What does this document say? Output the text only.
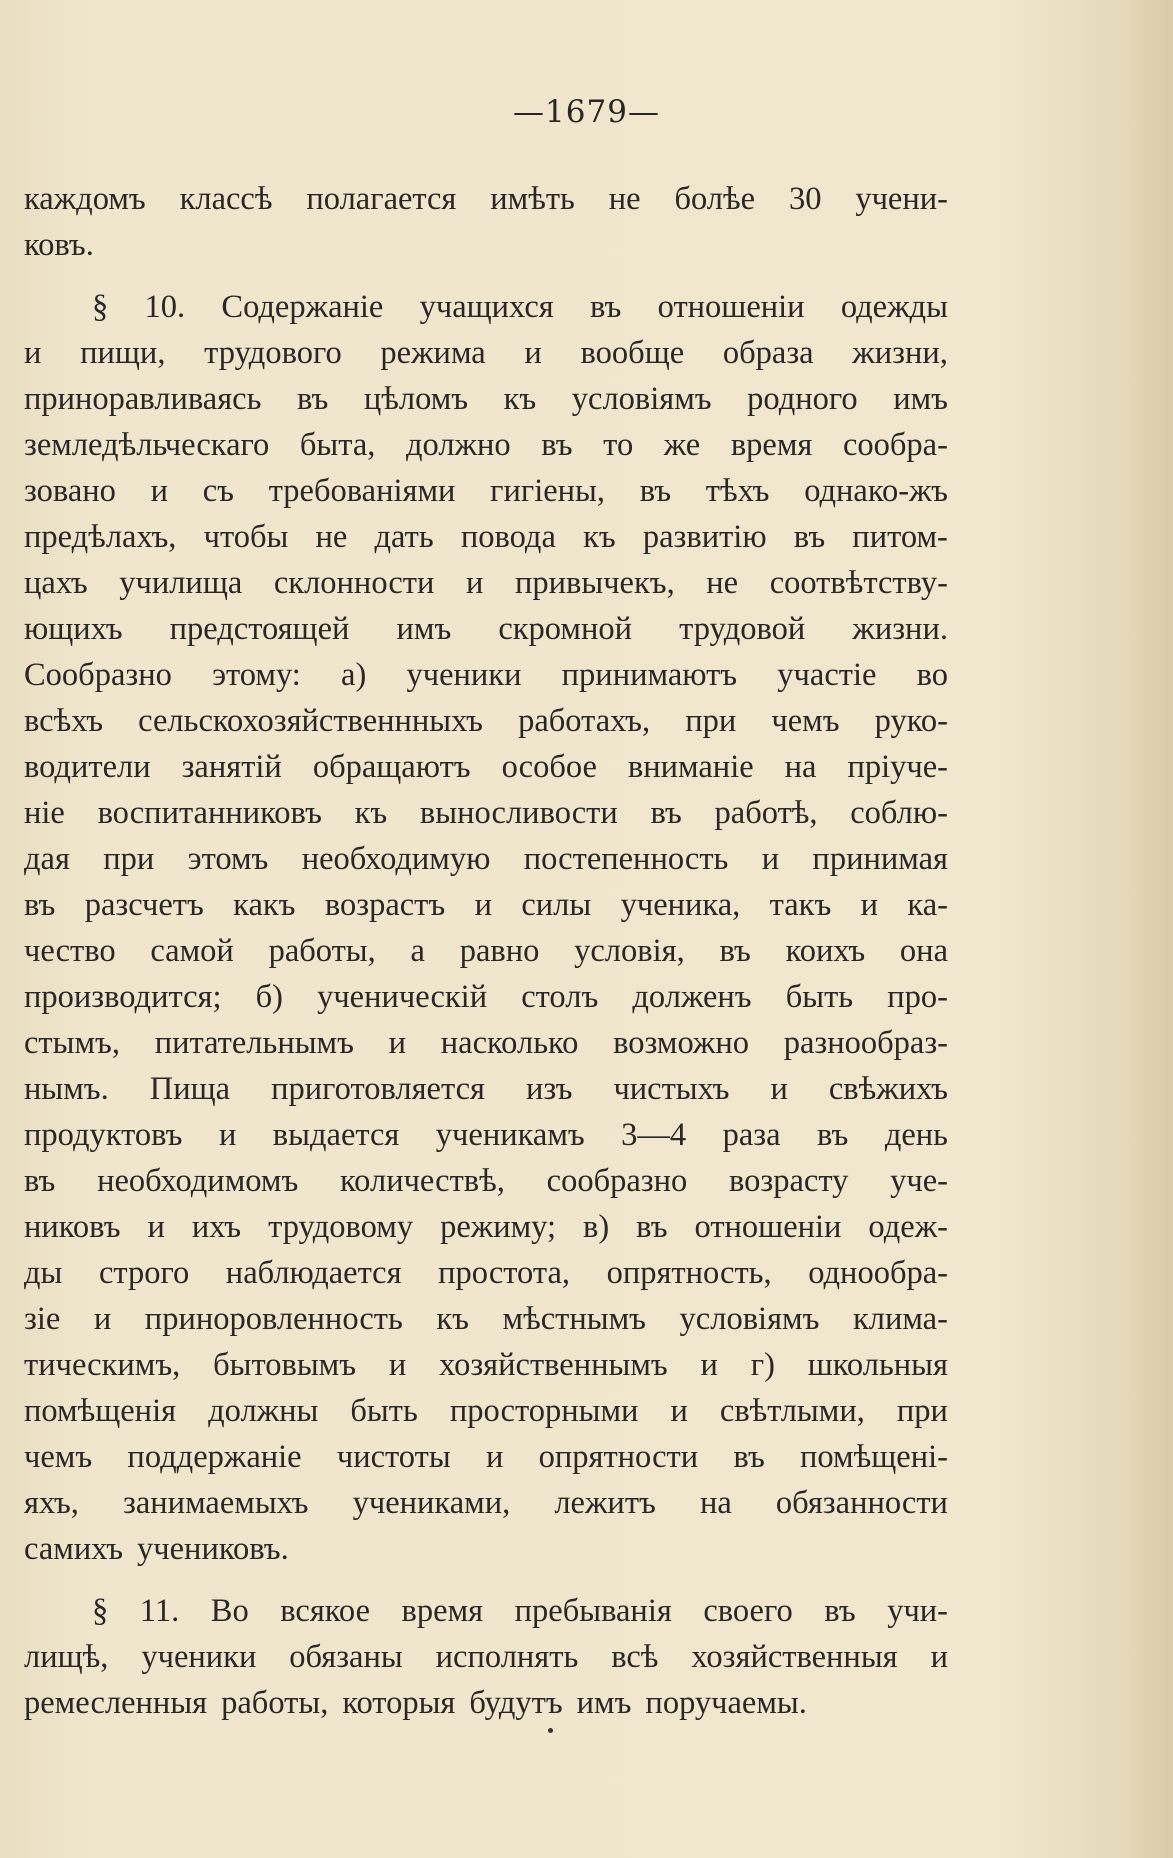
—1679—
каждомъ классѣ полагается имѣть не болѣе 30 учени-
ковъ.
§ 10. Содержаніе учащихся въ отношеніи одежды
и пищи, трудового режима и вообще образа жизни,
приноравливаясь въ цѣломъ къ условіямъ родного имъ
земледѣльческаго быта, должно въ то же время сообра-
зовано и съ требованіями гигіены, въ тѣхъ однако-жъ
предѣлахъ, чтобы не дать повода къ развитію въ питом-
цахъ училища склонности и привычекъ, не соотвѣтству-
ющихъ предстоящей имъ скромной трудовой жизни.
Сообразно этому: а) ученики принимаютъ участіе во
всѣхъ сельскохозяйственнныхъ работахъ, при чемъ руко-
водители занятій обращаютъ особое вниманіе на пріуче-
ніе воспитанниковъ къ выносливости въ работѣ, соблю-
дая при этомъ необходимую постепенность и принимая
въ разсчетъ какъ возрастъ и силы ученика, такъ и ка-
чество самой работы, а равно условія, въ коихъ она
производится; б) ученическій столъ долженъ быть про-
стымъ, питательнымъ и насколько возможно разнообраз-
нымъ. Пища приготовляется изъ чистыхъ и свѣжихъ
продуктовъ и выдается ученикамъ 3—4 раза въ день
въ необходимомъ количествѣ, сообразно возрасту уче-
никовъ и ихъ трудовому режиму; в) въ отношеніи одеж-
ды строго наблюдается простота, опрятность, однообра-
зіе и приноровленность къ мѣстнымъ условіямъ клима-
тическимъ, бытовымъ и хозяйственнымъ и г) школьныя
помѣщенія должны быть просторными и свѣтлыми, при
чемъ поддержаніе чистоты и опрятности въ помѣщені-
яхъ, занимаемыхъ учениками, лежитъ на обязанности
самихъ учениковъ.
§ 11. Во всякое время пребыванія своего въ учи-
лищѣ, ученики обязаны исполнять всѣ хозяйственныя и
ремесленныя работы, которыя будутъ имъ поручаемы.
